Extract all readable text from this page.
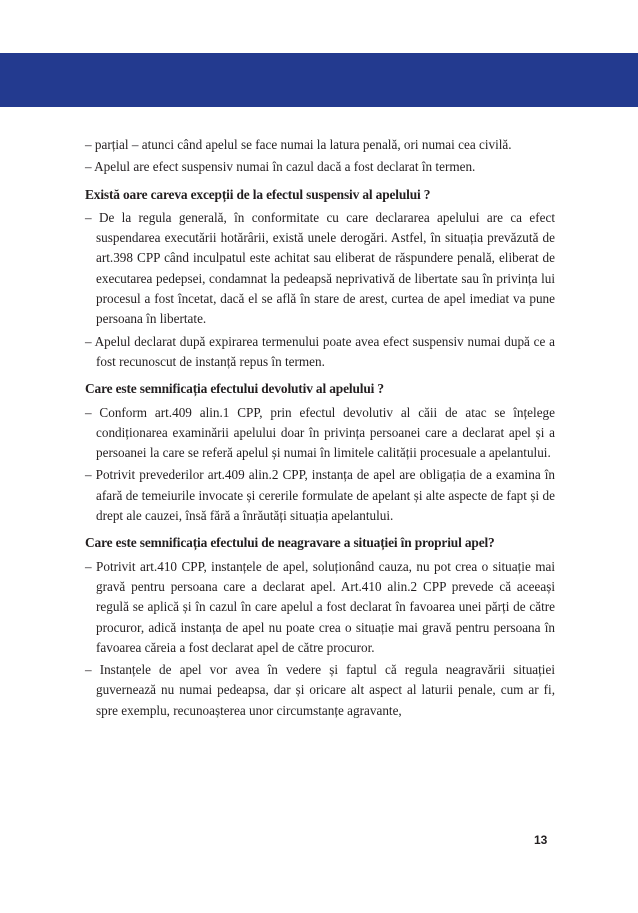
– parțial – atunci când apelul se face numai la latura penală, ori numai cea civilă.
– Apelul are efect suspensiv numai în cazul dacă a fost declarat în termen.
Există oare careva excepții de la efectul suspensiv al apelului ?
– De la regula generală, în conformitate cu care declararea apelului are ca efect suspendarea executării hotărârii, există unele derogări. Astfel, în situația prevăzută de art.398 CPP când inculpatul este achitat sau eliberat de răspundere penală, eliberat de executarea pedepsei, condamnat la pedeapsă neprivativă de libertate sau în privința lui procesul a fost încetat, dacă el se află în stare de arest, curtea de apel imediat va pune persoana în libertate.
– Apelul declarat după expirarea termenului poate avea efect suspensiv numai după ce a fost recunoscut de instanță repus în termen.
Care este semnificația efectului devolutiv al apelului ?
– Conform art.409 alin.1 CPP, prin efectul devolutiv al căii de atac se înțelege condiționarea examinării apelului doar în privința persoanei care a declarat apel și a persoanei la care se referă apelul și numai în limitele calității procesuale a apelantului.
– Potrivit prevederilor art.409 alin.2 CPP, instanța de apel are obligația de a examina în afară de temeiurile invocate și cererile formulate de apelant și alte aspecte de fapt și de drept ale cauzei, însă fără a înrăutăți situația apelantului.
Care este semnificația efectului de neagravare a situației în propriul apel?
– Potrivit art.410 CPP, instanțele de apel, soluționând cauza, nu pot crea o situație mai gravă pentru persoana care a declarat apel. Art.410 alin.2 CPP prevede că aceeași regulă se aplică și în cazul în care apelul a fost declarat în favoarea unei părți de către procuror, adică instanța de apel nu poate crea o situație mai gravă pentru persoana în favoarea căreia a fost declarat apel de către procuror.
– Instanțele de apel vor avea în vedere și faptul că regula neagravării situației guvernează nu numai pedeapsa, dar și oricare alt aspect al laturii penale, cum ar fi, spre exemplu, recunoașterea unor circumstanțe agravante,
13
